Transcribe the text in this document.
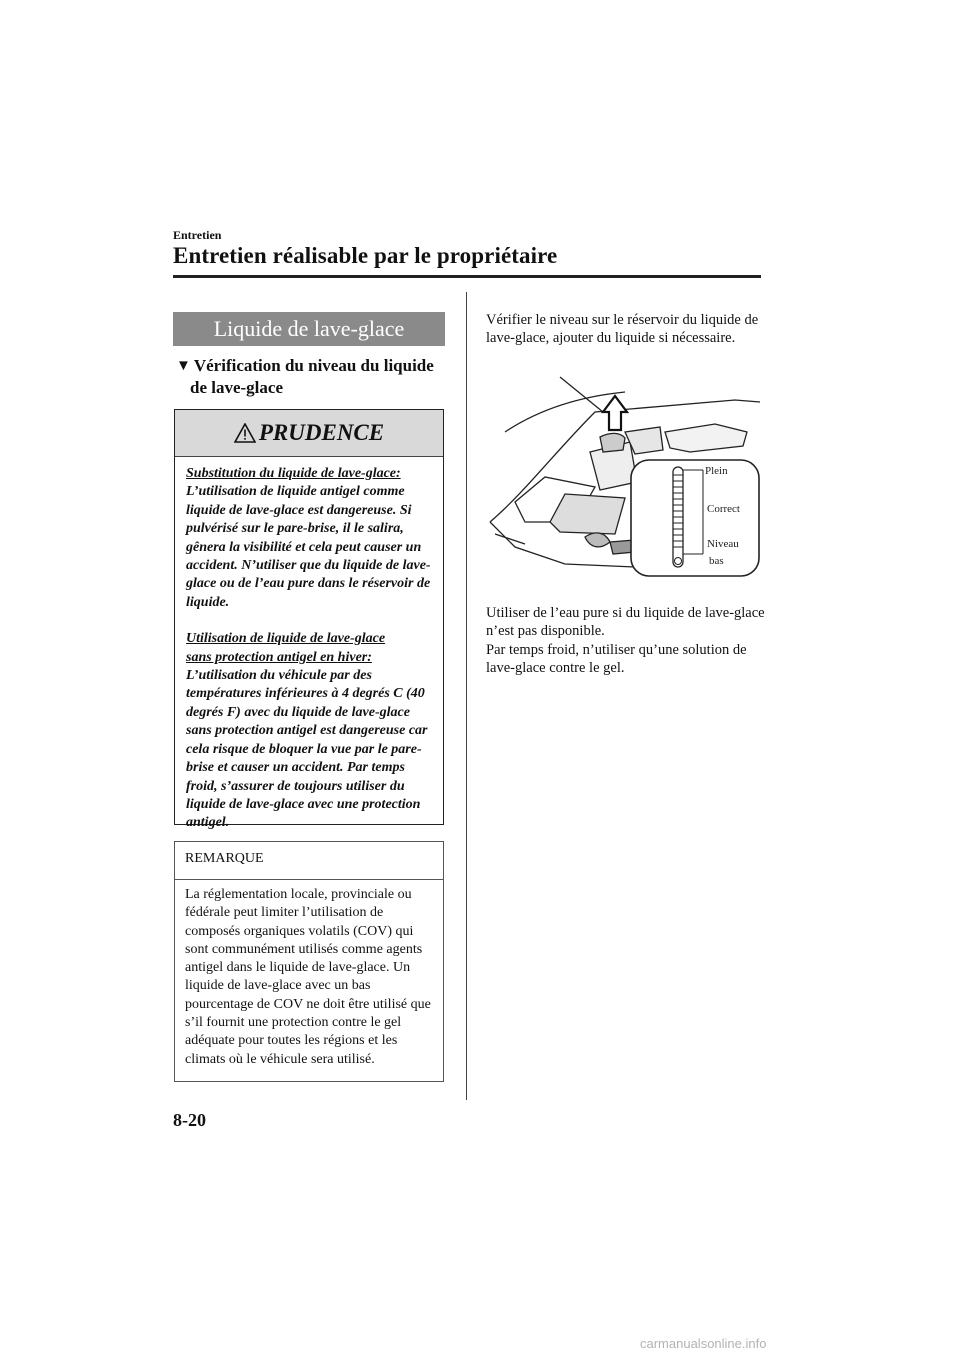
Entretien
Entretien réalisable par le propriétaire
Liquide de lave-glace
▼ Vérification du niveau du liquide
de lave-glace
PRUDENCE
Substitution du liquide de lave-glace:

L’utilisation de liquide antigel comme liquide de lave-glace est dangereuse. Si pulvérisé sur le pare-brise, il le salira, gênera la visibilité et cela peut causer un accident. N’utiliser que du liquide de lave-glace ou de l’eau pure dans le réservoir de liquide.

Utilisation de liquide de lave-glace
sans protection antigel en hiver:

L’utilisation du véhicule par des températures inférieures à 4 degrés C (40 degrés F) avec du liquide de lave-glace sans protection antigel est dangereuse car cela risque de bloquer la vue par le pare-brise et causer un accident. Par temps froid, s’assurer de toujours utiliser du liquide de lave-glace avec une protection antigel.

REMARQUE
La réglementation locale, provinciale ou fédérale peut limiter l’utilisation de composés organiques volatils (COV) qui sont communément utilisés comme agents antigel dans le liquide de lave-glace. Un liquide de lave-glace avec un bas pourcentage de COV ne doit être utilisé que s’il fournit une protection contre le gel adéquate pour toutes les régions et les climats où le véhicule sera utilisé.

Vérifier le niveau sur le réservoir du liquide de lave-glace, ajouter du liquide si nécessaire.

Plein
Correct
Niveau
bas

Utiliser de l’eau pure si du liquide de lave-glace n’est pas disponible.

Par temps froid, n’utiliser qu’une solution de lave-glace contre le gel.

8-20
carmanualsonline.info
